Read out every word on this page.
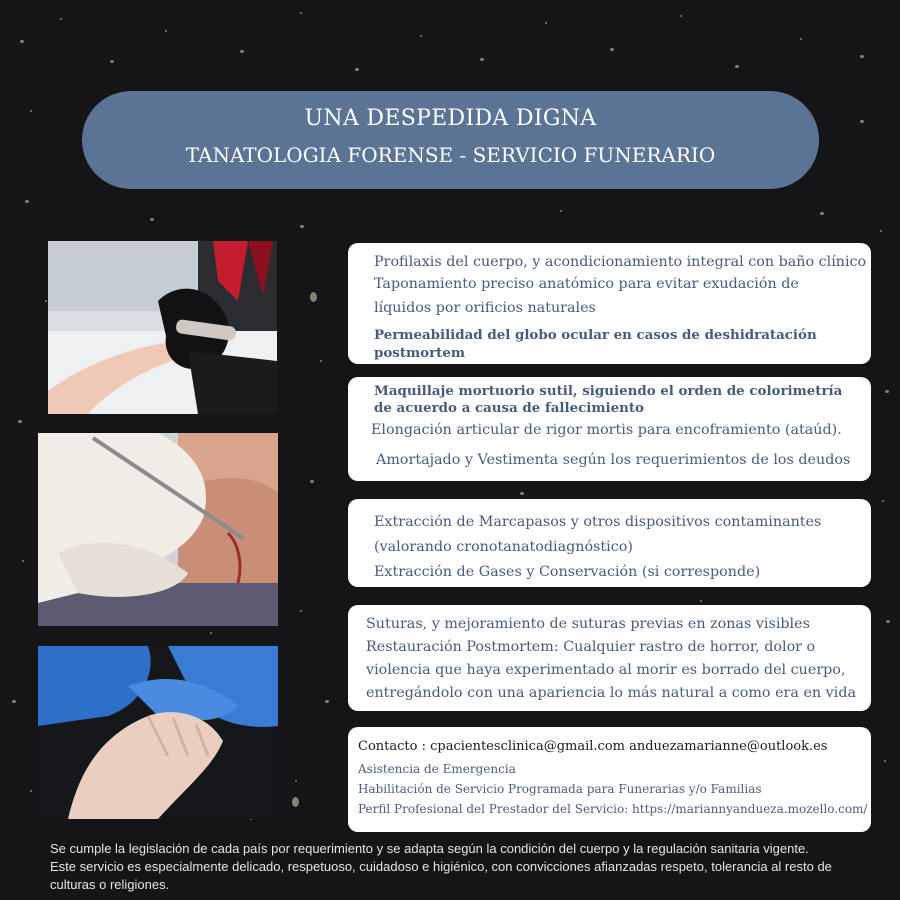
UNA DESPEDIDA DIGNA
TANATOLOGIA FORENSE - SERVICIO FUNERARIO
Profilaxis del cuerpo, y acondicionamiento integral con baño clínico
Taponamiento preciso anatómico para evitar exudación de
líquidos por orificios naturales
Permeabilidad del globo ocular en casos de deshidratación
postmortem
Maquillaje mortuorio sutil, siguiendo el orden de colorimetría
de acuerdo a causa de fallecimiento
Elongación articular de rigor mortis para encoframiento (ataúd).
Amortajado y Vestimenta según los requerimientos de los deudos
Extracción de Marcapasos y otros dispositivos contaminantes
(valorando cronotanatodiagnóstico)
Extracción de Gases y Conservación (si corresponde)
Suturas, y mejoramiento de suturas previas en zonas visibles
Restauración Postmortem: Cualquier rastro de horror, dolor o
violencia que haya experimentado al morir es borrado del cuerpo,
entregándolo con una apariencia lo más natural a como era en vida
Contacto : cpacientesclinica@gmail.com anduezamarianne@outlook.es
Asistencia de Emergencia
Habilitación de Servicio Programada para Funerarias y/o Familias
Perfil Profesional del Prestador del Servicio: https://mariannyandueza.mozello.com/
Se cumple la legislación de cada país por requerimiento y se adapta según la condición del cuerpo y la regulación sanitaria vigente.
Este servicio es especialmente delicado, respetuoso, cuidadoso e higiénico, con convicciones afianzadas respeto, tolerancia al resto de
culturas o religiones.
